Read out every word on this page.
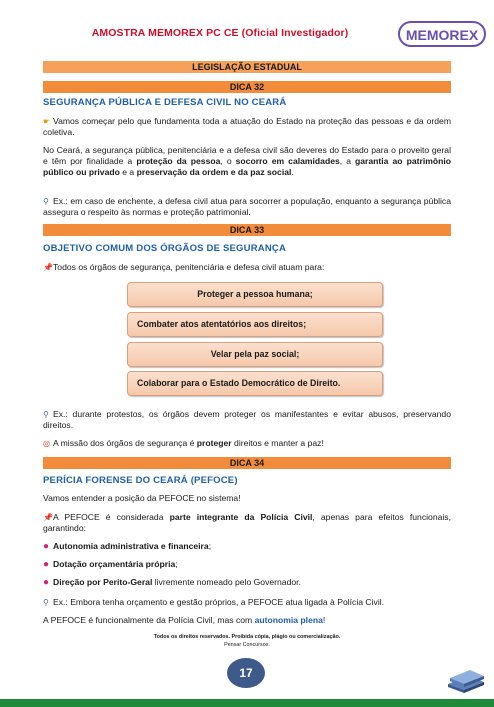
AMOSTRA MEMOREX PC CE (Oficial Investigador)	MEMOREX
LEGISLAÇÃO ESTADUAL
DICA 32
SEGURANÇA PÚBLICA E DEFESA CIVIL NO CEARÁ
☛ Vamos começar pelo que fundamenta toda a atuação do Estado na proteção das pessoas e da ordem coletiva.
No Ceará, a segurança pública, penitenciária e a defesa civil são deveres do Estado para o proveito geral e têm por finalidade a proteção da pessoa, o socorro em calamidades, a garantia ao patrimônio público ou privado e a preservação da ordem e da paz social.
⚲ Ex.: em caso de enchente, a defesa civil atua para socorrer a população, enquanto a segurança pública assegura o respeito às normas e proteção patrimonial.
DICA 33
OBJETIVO COMUM DOS ÓRGÃOS DE SEGURANÇA
📌Todos os órgãos de segurança, penitenciária e defesa civil atuam para:
Proteger a pessoa humana;
Combater atos atentatórios aos direitos;
Velar pela paz social;
Colaborar para o Estado Democrático de Direito.
⚲ Ex.: durante protestos, os órgãos devem proteger os manifestantes e evitar abusos, preservando direitos.
◎ A missão dos órgãos de segurança é proteger direitos e manter a paz!
DICA 34
PERÍCIA FORENSE DO CEARÁ (PEFOCE)
Vamos entender a posição da PEFOCE no sistema!
📌A PEFOCE é considerada parte integrante da Polícia Civil, apenas para efeitos funcionais, garantindo:
● Autonomia administrativa e financeira;
● Dotação orçamentária própria;
● Direção por Perito-Geral livremente nomeado pelo Governador.
⚲ Ex.: Embora tenha orçamento e gestão próprios, a PEFOCE atua ligada à Polícia Civil.
A PEFOCE é funcionalmente da Polícia Civil, mas com autonomia plena!
Todos os direitos reservados. Proibida cópia, plágio ou comercialização.
Pensar Concursos.
17
